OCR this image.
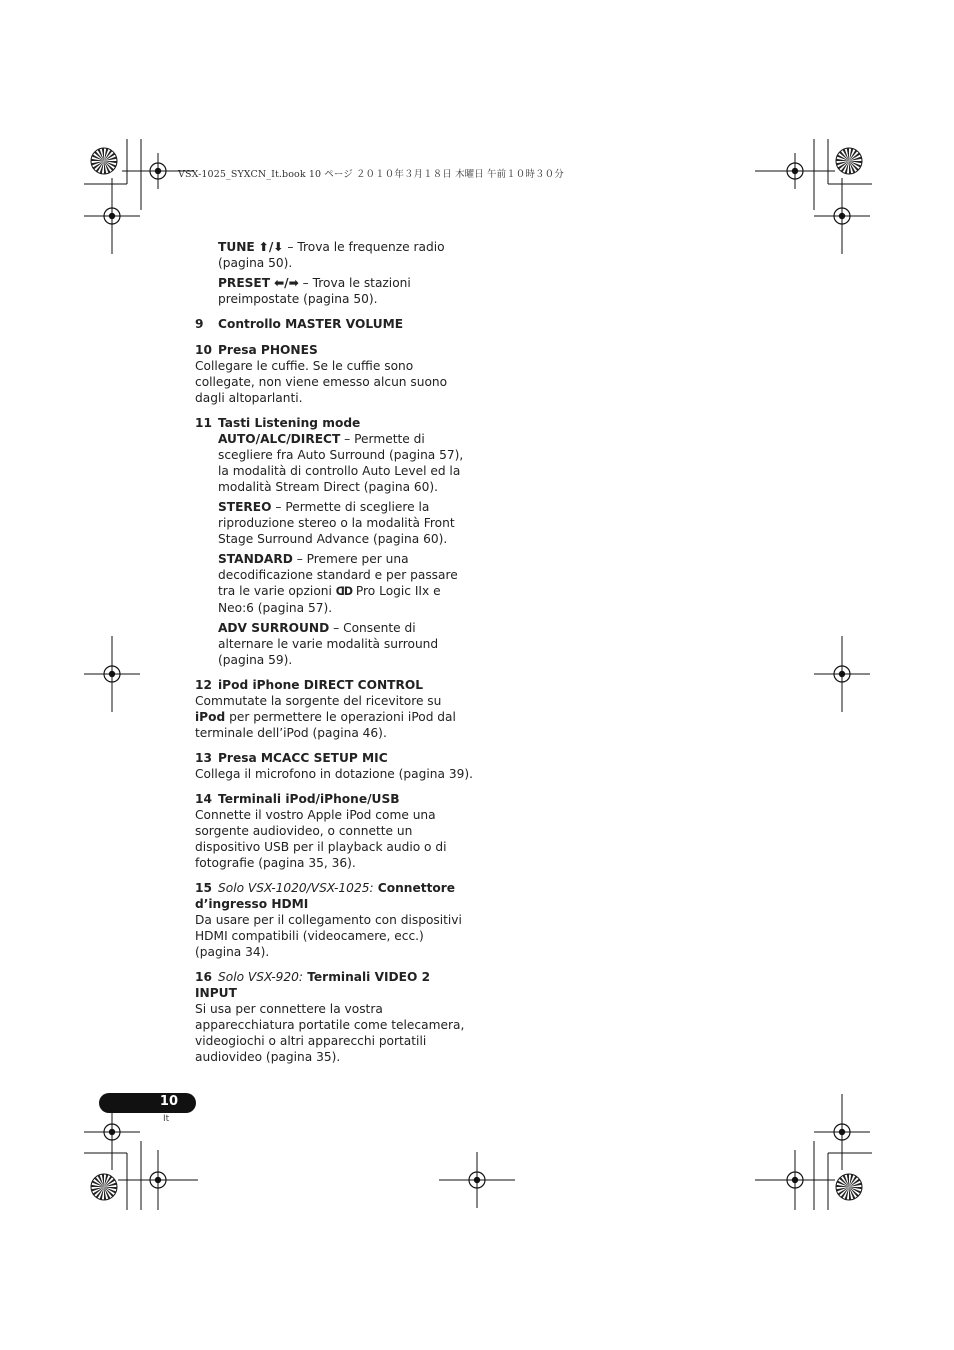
VSX-1025_SYXCN_It.book 10 ページ ２０１０年３月１８日 木曜日 午前１０時３０分

TUNE ⬆/⬇ – Trova le frequenze radio (pagina 50).

PRESET ⬅/➡ – Trova le stazioni preimpostate (pagina 50).

9 Controllo MASTER VOLUME

10 Presa PHONES

Collegare le cuffie. Se le cuffie sono collegate, non viene emesso alcun suono dagli altoparlanti.

11 Tasti Listening mode

AUTO/ALC/DIRECT – Permette di scegliere fra Auto Surround (pagina 57), la modalità di controllo Auto Level ed la modalità Stream Direct (pagina 60).

STEREO – Permette di scegliere la riproduzione stereo o la modalità Front Stage Surround Advance (pagina 60).

STANDARD – Premere per una decodificazione standard e per passare tra le varie opzioni ᗡᗞ Pro Logic IIx e Neo:6 (pagina 57).

ADV SURROUND – Consente di alternare le varie modalità surround (pagina 59).

12 iPod iPhone DIRECT CONTROL

Commutate la sorgente del ricevitore su iPod per permettere le operazioni iPod dal terminale dell’iPod (pagina 46).

13 Presa MCACC SETUP MIC

Collega il microfono in dotazione (pagina 39).

14 Terminali iPod/iPhone/USB

Connette il vostro Apple iPod come una sorgente audiovideo, o connette un dispositivo USB per il playback audio o di fotografie (pagina 35, 36).

15 Solo VSX-1020/VSX-1025: Connettore d’ingresso HDMI

Da usare per il collegamento con dispositivi HDMI compatibili (videocamere, ecc.) (pagina 34).

16 Solo VSX-920: Terminali VIDEO 2 INPUT

Si usa per connettere la vostra apparecchiatura portatile come telecamera, videogiochi o altri apparecchi portatili audiovideo (pagina 35).

10
It
